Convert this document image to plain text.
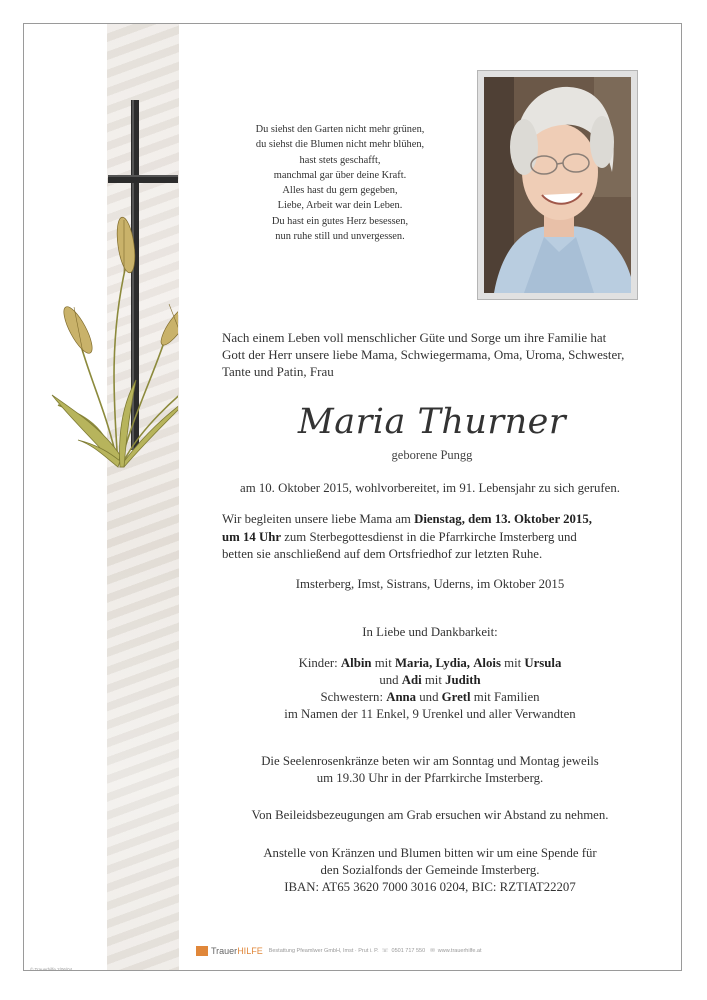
Du siehst den Garten nicht mehr grünen,
du siehst die Blumen nicht mehr blühen,
hast stets geschafft,
manchmal gar über deine Kraft.
Alles hast du gern gegeben,
Liebe, Arbeit war dein Leben.
Du hast ein gutes Herz besessen,
nun ruhe still und unvergessen.
Nach einem Leben voll menschlicher Güte und Sorge um ihre Familie hat
Gott der Herr unsere liebe Mama, Schwiegermama, Oma, Uroma, Schwester,
Tante und Patin, Frau
Maria Thurner
geborene Pungg
am 10. Oktober 2015, wohlvorbereitet, im 91. Lebensjahr zu sich gerufen.
Wir begleiten unsere liebe Mama am Dienstag, dem 13. Oktober 2015,
um 14 Uhr zum Sterbegottesdienst in die Pfarrkirche Imsterberg und
betten sie anschließend auf dem Ortsfriedhof zur letzten Ruhe.
Imsterberg, Imst, Sistrans, Uderns, im Oktober 2015
In Liebe und Dankbarkeit:
Kinder: Albin mit Maria, Lydia, Alois mit Ursula
und Adi mit Judith
Schwestern: Anna und Gretl mit Familien
im Namen der 11 Enkel, 9 Urenkel und aller Verwandten
Die Seelenrosenkränze beten wir am Sonntag und Montag jeweils
um 19.30 Uhr in der Pfarrkirche Imsterberg.
Von Beileidsbezeugungen am Grab ersuchen wir Abstand zu nehmen.
Anstelle von Kränzen und Blumen bitten wir um eine Spende für
den Sozialfonds der Gemeinde Imsterberg.
IBAN: AT65 3620 7000 3016 0204, BIC: RZTIAT22207
TrauerHILFE Bestattung Pfeamlwer GmbH, Imst · Prut i. P. ☏ 0501 717 550 ✉ www.trauerhilfe.at
© Trauerhilfe 2/06/04
